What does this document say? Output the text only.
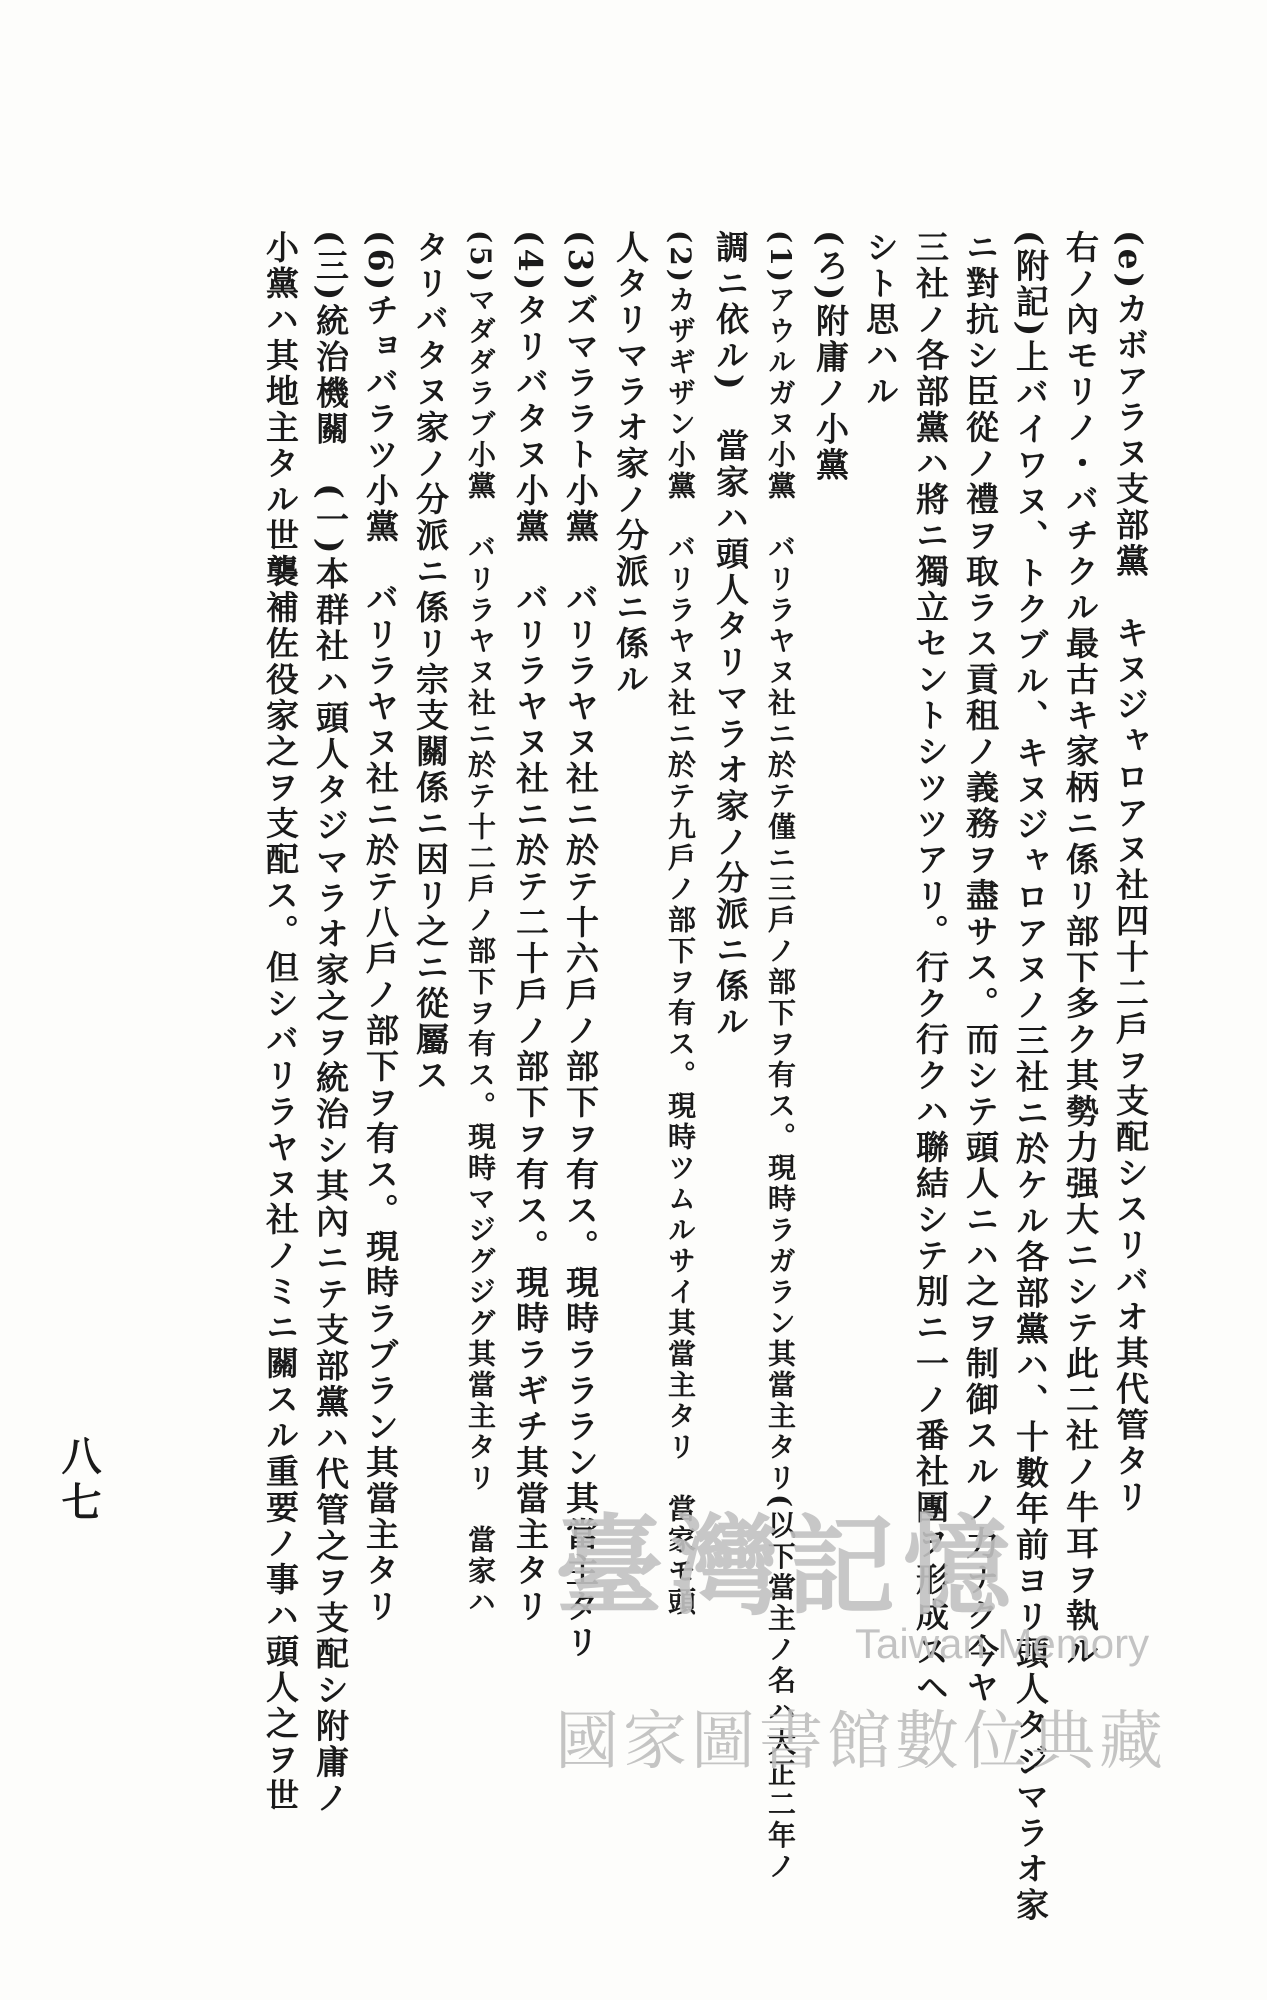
(e)カボアラヌ支部黨　キヌジャロアヌ社四十二戶ヲ支配シスリバオ其代管タリ
右ノ內モリノ・バチクル最古キ家柄ニ係リ部下多ク其勢力强大ニシテ此二社ノ牛耳ヲ執ル
(附記)上バイワヌ、トクブル、キヌジャロアヌノ三社ニ於ケル各部黨ハ、十數年前ヨリ頭人タジマラオ家
ニ對抗シ臣從ノ禮ヲ取ラス貢租ノ義務ヲ盡サス。而シテ頭人ニハ之ヲ制御スルノ力ナク今ヤ
三社ノ各部黨ハ將ニ獨立セントシツツアリ。行ク行クハ聯結シテ別ニ一ノ番社團ヲ形成スヘ
シト思ハル
(ろ)附庸ノ小黨
(1)アウルガヌ小黨　バリラヤヌ社ニ於テ僅ニ三戶ノ部下ヲ有ス。現時ラガラン其當主タリ(以下當主ノ名ハ大正二年ノ
調ニ依ル)　當家ハ頭人タリマラオ家ノ分派ニ係ル
(2)カザギザン小黨　バリラヤヌ社ニ於テ九戶ノ部下ヲ有ス。現時ツムルサイ其當主タリ　當家モ頭
人タリマラオ家ノ分派ニ係ル
(3)ズマララト小黨　バリラヤヌ社ニ於テ十六戶ノ部下ヲ有ス。現時ラララン其當主タリ
(4)タリバタヌ小黨　バリラヤヌ社ニ於テ二十戶ノ部下ヲ有ス。現時ラギチ其當主タリ
(5)マダダラブ小黨　バリラヤヌ社ニ於テ十二戶ノ部下ヲ有ス。現時マジグジグ其當主タリ　當家ハ
タリバタヌ家ノ分派ニ係リ宗支關係ニ因リ之ニ從屬ス
(6)チョバラツ小黨　バリラヤヌ社ニ於テ八戶ノ部下ヲ有ス。現時ラブラン其當主タリ
(三)統治機關　(一)本群社ハ頭人タジマラオ家之ヲ統治シ其內ニテ支部黨ハ代管之ヲ支配シ附庸ノ
小黨ハ其地主タル世襲補佐役家之ヲ支配ス。但シバリラヤヌ社ノミニ關スル重要ノ事ハ頭人之ヲ世
八七
臺灣記憶
Taiwan Memory
國家圖書館數位典藏
